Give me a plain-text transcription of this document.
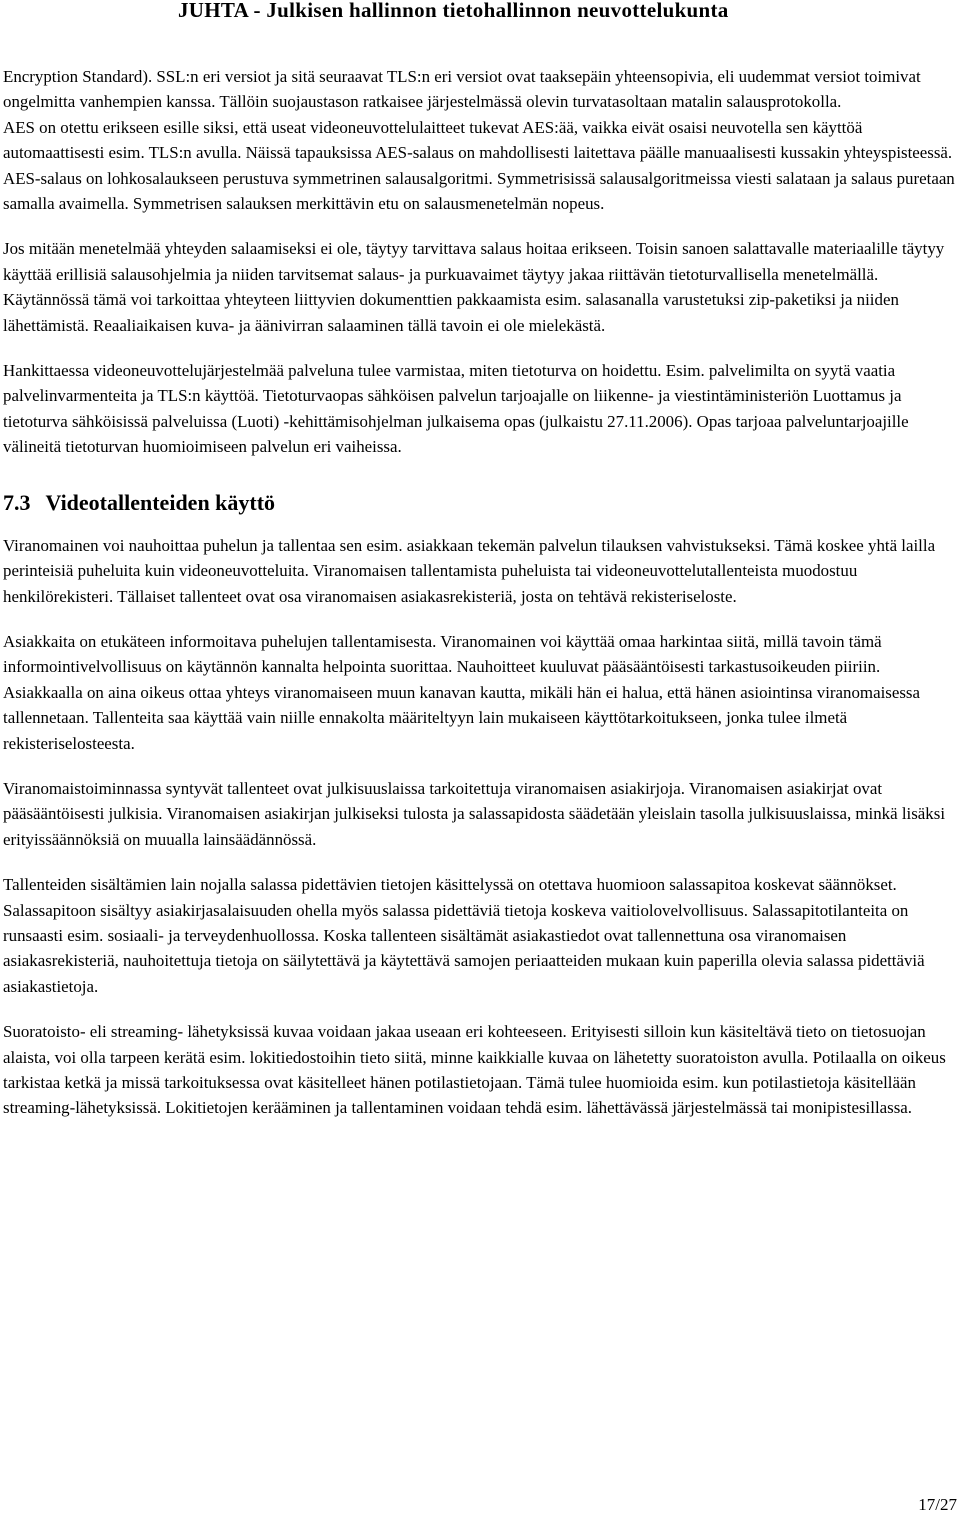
JUHTA - Julkisen hallinnon tietohallinnon neuvottelukunta

Encryption Standard). SSL:n eri versiot ja sitä seuraavat TLS:n eri versiot ovat taaksepäin yhteensopivia, eli uudemmat versiot toimivat ongelmitta vanhempien kanssa. Tällöin suojaustason ratkaisee järjestelmässä olevin turvatasoltaan matalin salausprotokolla.

AES on otettu erikseen esille siksi, että useat videoneuvottelulaitteet tukevat AES:ää, vaikka eivät osaisi neuvotella sen käyttöä automaattisesti esim. TLS:n avulla. Näissä tapauksissa AES-salaus on mahdollisesti laitettava päälle manuaalisesti kussakin yhteyspisteessä. AES-salaus on lohkosalaukseen perustuva symmetrinen salausalgoritmi. Symmetrisissä salausalgoritmeissa viesti salataan ja salaus puretaan samalla avaimella. Symmetrisen salauksen merkittävin etu on salausmenetelmän nopeus.

Jos mitään menetelmää yhteyden salaamiseksi ei ole, täytyy tarvittava salaus hoitaa erikseen. Toisin sanoen salattavalle materiaalille täytyy käyttää erillisiä salausohjelmia ja niiden tarvitsemat salaus- ja purkuavaimet täytyy jakaa riittävän tietoturvallisella menetelmällä. Käytännössä tämä voi tarkoittaa yhteyteen liittyvien dokumenttien pakkaamista esim. salasanalla varustetuksi zip-paketiksi ja niiden lähettämistä. Reaaliaikaisen kuva- ja äänivirran salaaminen tällä tavoin ei ole mielekästä.

Hankittaessa videoneuvottelujärjestelmää palveluna tulee varmistaa, miten tietoturva on hoidettu. Esim. palvelimilta on syytä vaatia palvelinvarmenteita ja TLS:n käyttöä. Tietoturvaopas sähköisen palvelun tarjoajalle on liikenne- ja viestintäministeriön Luottamus ja tietoturva sähköisissä palveluissa (Luoti) -kehittämisohjelman julkaisema opas (julkaistu 27.11.2006). Opas tarjoaa palveluntarjoajille välineitä tietoturvan huomioimiseen palvelun eri vaiheissa.

7.3 Videotallenteiden käyttö

Viranomainen voi nauhoittaa puhelun ja tallentaa sen esim. asiakkaan tekemän palvelun tilauksen vahvistukseksi. Tämä koskee yhtä lailla perinteisiä puheluita kuin videoneuvotteluita. Viranomaisen tallentamista puheluista tai videoneuvottelutallenteista muodostuu henkilörekisteri. Tällaiset tallenteet ovat osa viranomaisen asiakasrekisteriä, josta on tehtävä rekisteriseloste.

Asiakkaita on etukäteen informoitava puhelujen tallentamisesta. Viranomainen voi käyttää omaa harkintaa siitä, millä tavoin tämä informointivelvollisuus on käytännön kannalta helpointa suorittaa. Nauhoitteet kuuluvat pääsääntöisesti tarkastusoikeuden piiriin. Asiakkaalla on aina oikeus ottaa yhteys viranomaiseen muun kanavan kautta, mikäli hän ei halua, että hänen asiointinsa viranomaisessa tallennetaan. Tallenteita saa käyttää vain niille ennakolta määriteltyyn lain mukaiseen käyttötarkoitukseen, jonka tulee ilmetä rekisteriselosteesta.

Viranomaistoiminnassa syntyvät tallenteet ovat julkisuuslaissa tarkoitettuja viranomaisen asiakirjoja. Viranomaisen asiakirjat ovat pääsääntöisesti julkisia. Viranomaisen asiakirjan julkiseksi tulosta ja salassapidosta säädetään yleislain tasolla julkisuuslaissa, minkä lisäksi erityissäännöksiä on muualla lainsäädännössä.

Tallenteiden sisältämien lain nojalla salassa pidettävien tietojen käsittelyssä on otettava huomioon salassapitoa koskevat säännökset. Salassapitoon sisältyy asiakirjasalaisuuden ohella myös salassa pidettäviä tietoja koskeva vaitiolovelvollisuus. Salassapitotilanteita on runsaasti esim. sosiaali- ja terveydenhuollossa. Koska tallenteen sisältämät asiakastiedot ovat tallennettuna osa viranomaisen asiakasrekisteriä, nauhoitettuja tietoja on säilytettävä ja käytettävä samojen periaatteiden mukaan kuin paperilla olevia salassa pidettäviä asiakastietoja.

Suoratoisto- eli streaming- lähetyksissä kuvaa voidaan jakaa useaan eri kohteeseen. Erityisesti silloin kun käsiteltävä tieto on tietosuojan alaista, voi olla tarpeen kerätä esim. lokitiedostoihin tieto siitä, minne kaikkialle kuvaa on lähetetty suoratoiston avulla. Potilaalla on oikeus tarkistaa ketkä ja missä tarkoituksessa ovat käsitelleet hänen potilastietojaan. Tämä tulee huomioida esim. kun potilastietoja käsitellään streaming-lähetyksissä. Lokitietojen kerääminen ja tallentaminen voidaan tehdä esim. lähettävässä järjestelmässä tai monipistesillassa.

17/27
